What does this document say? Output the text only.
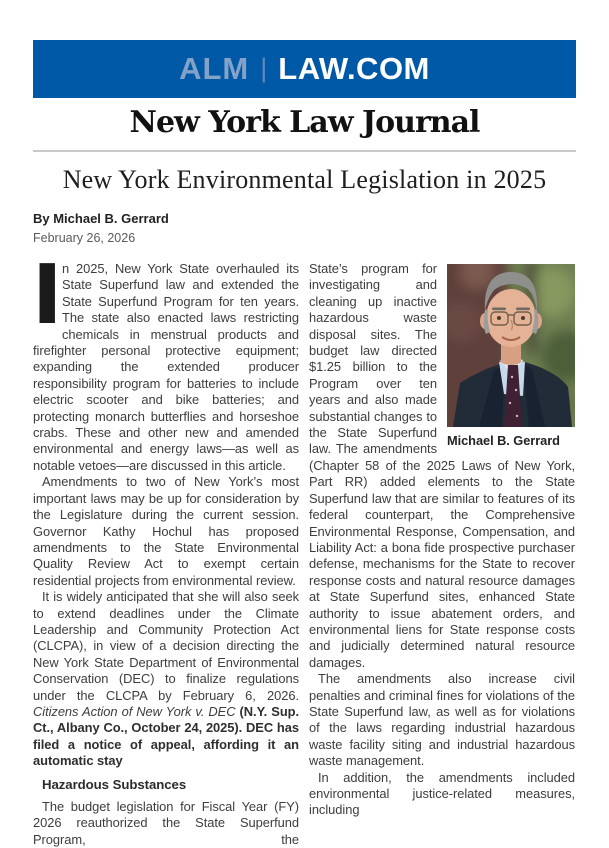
ALM | LAW.COM
New York Law Journal
New York Environmental Legislation in 2025
By Michael B. Gerrard
February 26, 2026

In 2025, New York State overhauled its State Superfund law and extended the State Superfund Program for ten years. The state also enacted laws restricting chemicals in menstrual products and firefighter personal protective equipment; expanding the extended producer responsibility program for batteries to include electric scooter and bike batteries; and protecting monarch butterflies and horseshoe crabs. These and other new and amended environmental and energy laws—as well as notable vetoes—are discussed in this article.

Amendments to two of New York’s most important laws may be up for consideration by the Legislature during the current session. Governor Kathy Hochul has proposed amendments to the State Environmental Quality Review Act to exempt certain residential projects from environmental review.

It is widely anticipated that she will also seek to extend deadlines under the Climate Leadership and Community Protection Act (CLCPA), in view of a decision directing the New York State Department of Environmental Conservation (DEC) to finalize regulations under the CLCPA by February 6, 2026. Citizens Action of New York v. DEC (N.Y. Sup. Ct., Albany Co., October 24, 2025). DEC has filed a notice of appeal, affording it an automatic stay

Hazardous Substances

The budget legislation for Fiscal Year (FY) 2026 reauthorized the State Superfund Program, the

Michael B. Gerrard

State’s program for investigating and cleaning up inactive hazardous waste disposal sites. The budget law directed $1.25 billion to the Program over ten years and also made substantial changes to the State Superfund law. The amendments (Chapter 58 of the 2025 Laws of New York, Part RR) added elements to the State Superfund law that are similar to features of its federal counterpart, the Comprehensive Environmental Response, Compensation, and Liability Act: a bona fide prospective purchaser defense, mechanisms for the State to recover response costs and natural resource damages at State Superfund sites, enhanced State authority to issue abatement orders, and environmental liens for State response costs and judicially determined natural resource damages.

The amendments also increase civil penalties and criminal fines for violations of the State Superfund law, as well as for violations of the laws regarding industrial hazardous waste facility siting and industrial hazardous waste management.

In addition, the amendments included environmental justice-related measures, including
